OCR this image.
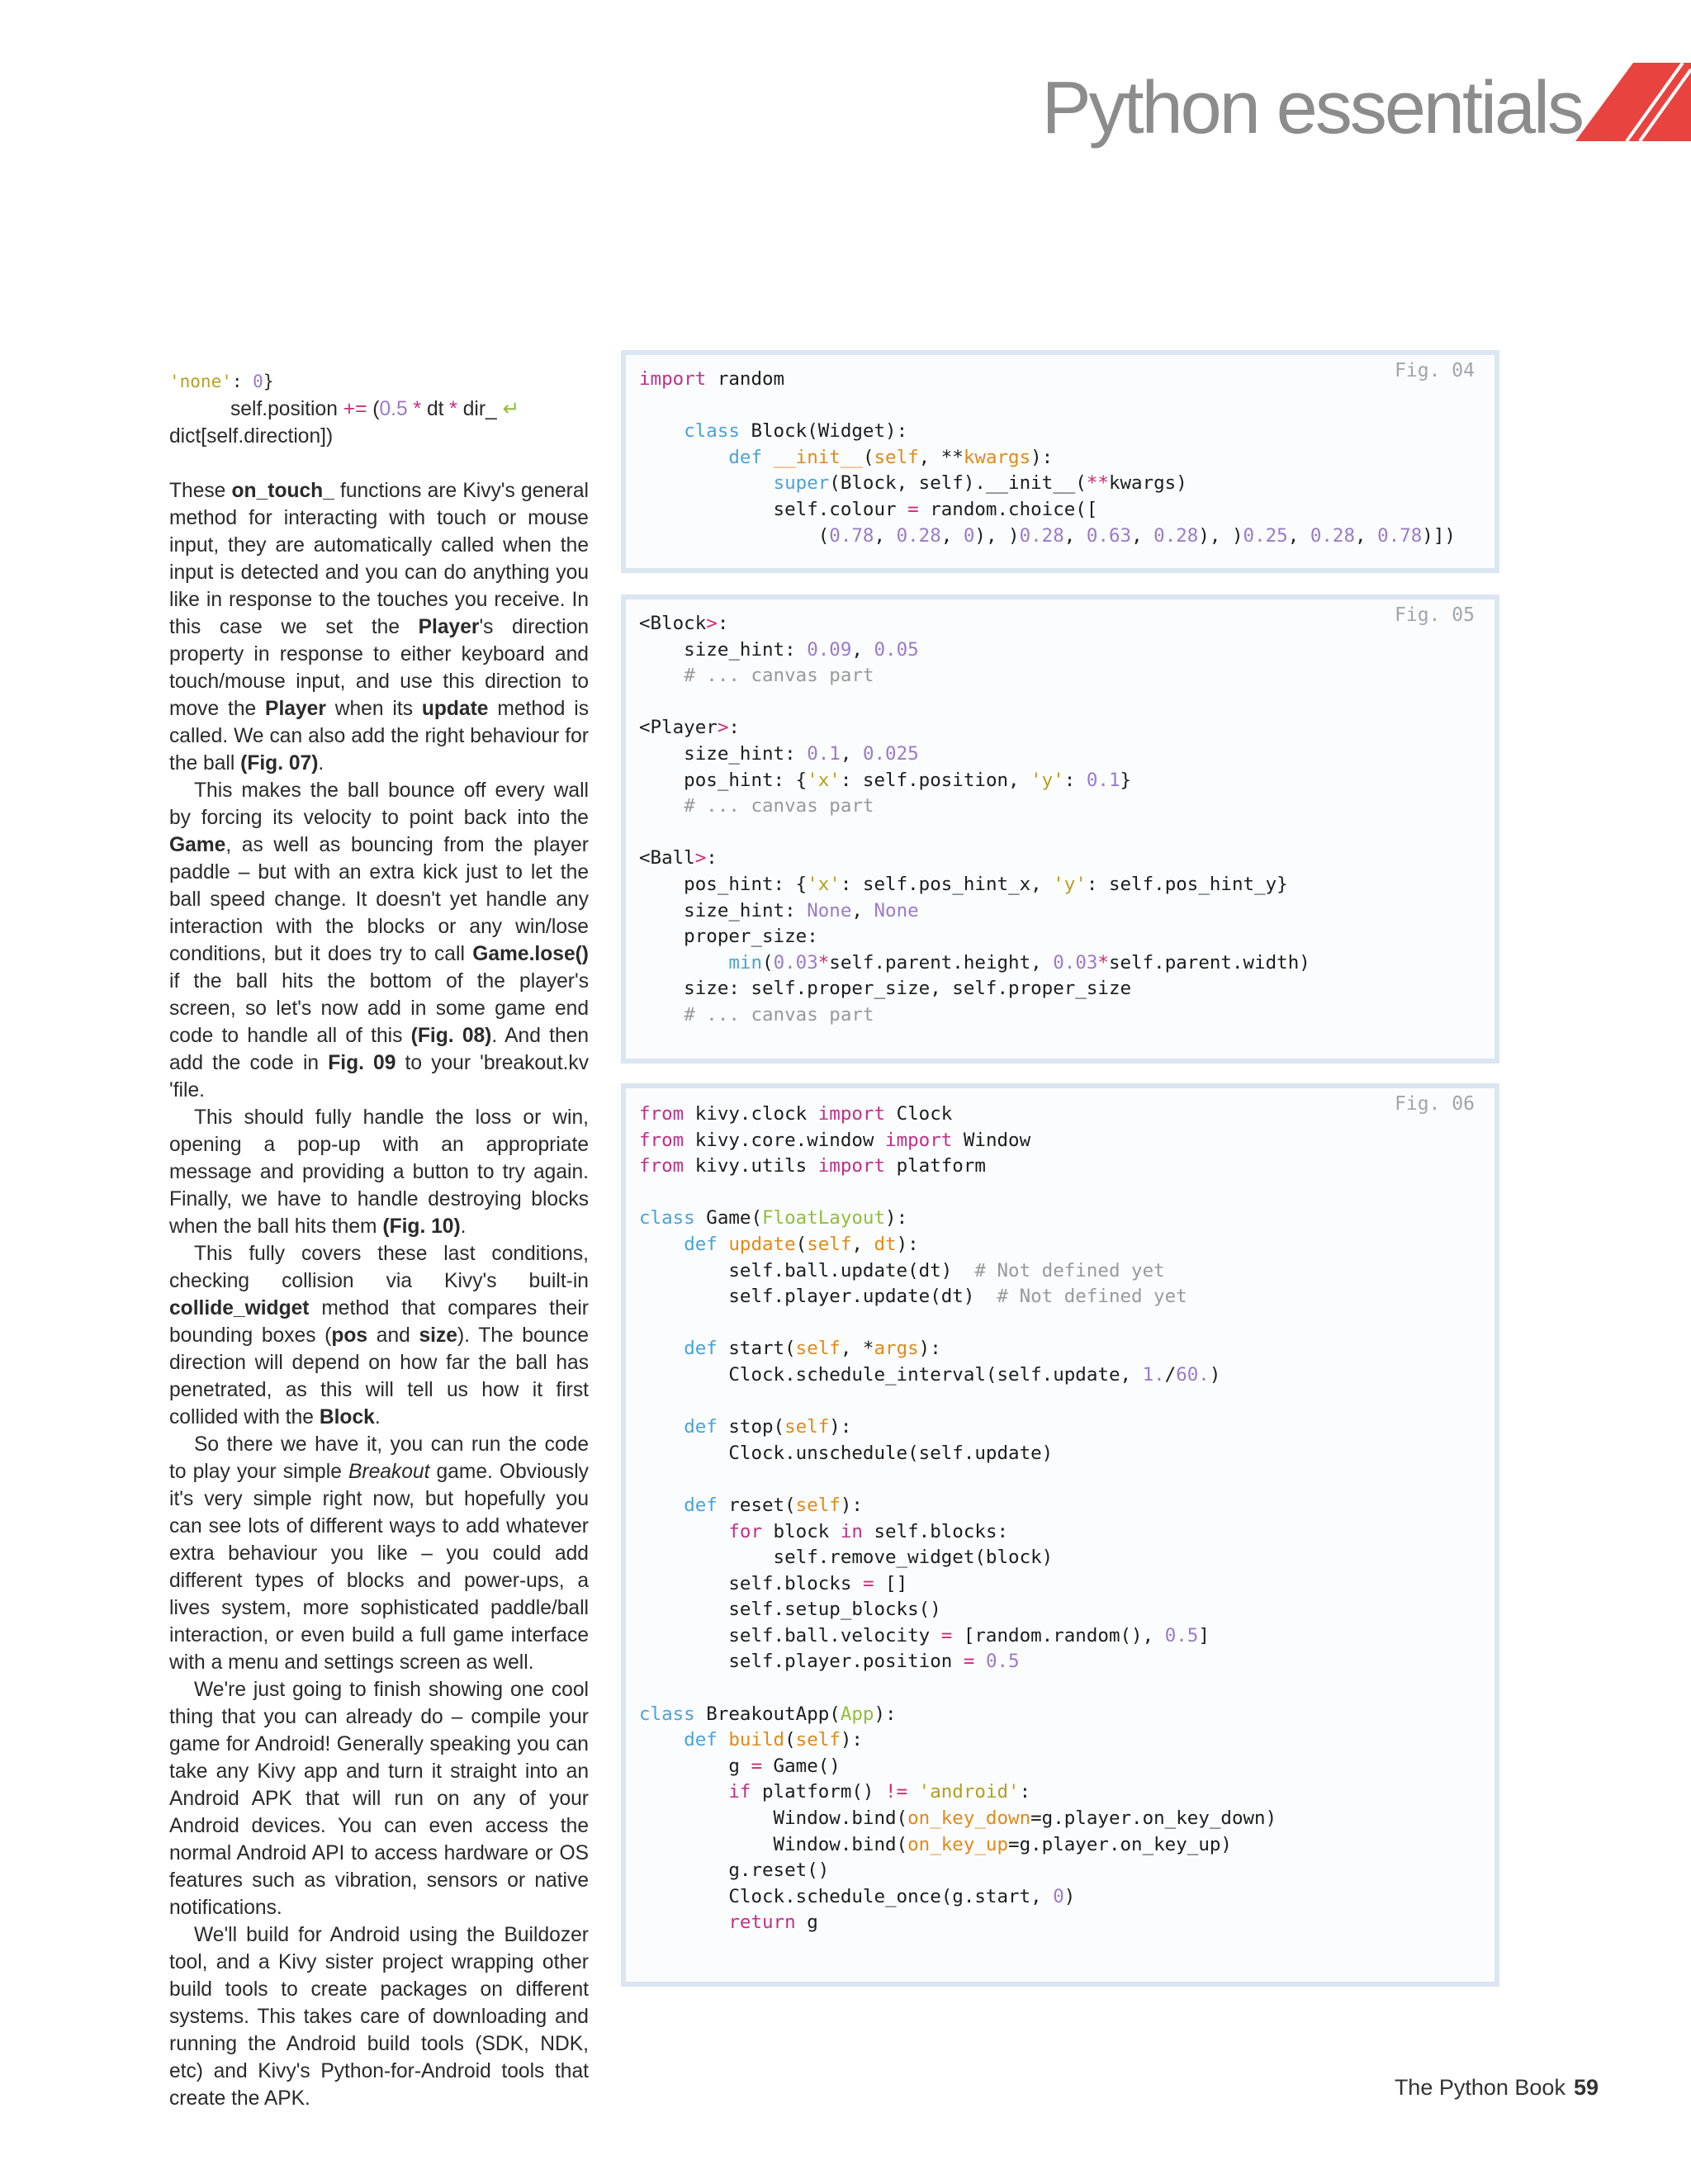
Python essentials
'none': 0}
self.position += (0.5 * dt * dir_ ↵
dict[self.direction])

These on_touch_ functions are Kivy's general method for interacting with touch or mouse input, they are automatically called when the input is detected and you can do anything you like in response to the touches you receive. In this case we set the Player's direction property in response to either keyboard and touch/mouse input, and use this direction to move the Player when its update method is called. We can also add the right behaviour for the ball (Fig. 07).

This makes the ball bounce off every wall by forcing its velocity to point back into the Game, as well as bouncing from the player paddle – but with an extra kick just to let the ball speed change. It doesn't yet handle any interaction with the blocks or any win/lose conditions, but it does try to call Game.lose() if the ball hits the bottom of the player's screen, so let's now add in some game end code to handle all of this (Fig. 08). And then add the code in Fig. 09 to your 'breakout.kv 'file.

This should fully handle the loss or win, opening a pop-up with an appropriate message and providing a button to try again. Finally, we have to handle destroying blocks when the ball hits them (Fig. 10).

This fully covers these last conditions, checking collision via Kivy's built-in collide_widget method that compares their bounding boxes (pos and size). The bounce direction will depend on how far the ball has penetrated, as this will tell us how it first collided with the Block.

So there we have it, you can run the code to play your simple Breakout game. Obviously it's very simple right now, but hopefully you can see lots of different ways to add whatever extra behaviour you like – you could add different types of blocks and power-ups, a lives system, more sophisticated paddle/ball interaction, or even build a full game interface with a menu and settings screen as well.

We're just going to finish showing one cool thing that you can already do – compile your game for Android! Generally speaking you can take any Kivy app and turn it straight into an Android APK that will run on any of your Android devices. You can even access the normal Android API to access hardware or OS features such as vibration, sensors or native notifications.

We'll build for Android using the Buildozer tool, and a Kivy sister project wrapping other build tools to create packages on different systems. This takes care of downloading and running the Android build tools (SDK, NDK, etc) and Kivy's Python-for-Android tools that create the APK.

Fig. 04
import random

class Block(Widget):
def __init__(self, **kwargs):
super(Block, self).__init__(**kwargs)
self.colour = random.choice([
(0.78, 0.28, 0), )0.28, 0.63, 0.28), )0.25, 0.28, 0.78)])
Fig. 05
<Block>:
size_hint: 0.09, 0.05
# ... canvas part

<Player>:
size_hint: 0.1, 0.025
pos_hint: {'x': self.position, 'y': 0.1}
# ... canvas part

<Ball>:
pos_hint: {'x': self.pos_hint_x, 'y': self.pos_hint_y}
size_hint: None, None
proper_size:
min(0.03*self.parent.height, 0.03*self.parent.width)
size: self.proper_size, self.proper_size
# ... canvas part
Fig. 06
from kivy.clock import Clock
from kivy.core.window import Window
from kivy.utils import platform

class Game(FloatLayout):
def update(self, dt):
self.ball.update(dt)  # Not defined yet
self.player.update(dt)  # Not defined yet

def start(self, *args):
Clock.schedule_interval(self.update, 1./60.)

def stop(self):
Clock.unschedule(self.update)

def reset(self):
for block in self.blocks:
self.remove_widget(block)
self.blocks = []
self.setup_blocks()
self.ball.velocity = [random.random(), 0.5]
self.player.position = 0.5

class BreakoutApp(App):
def build(self):
g = Game()
if platform() != 'android':
Window.bind(on_key_down=g.player.on_key_down)
Window.bind(on_key_up=g.player.on_key_up)
g.reset()
Clock.schedule_once(g.start, 0)
return g
The Python Book 59
